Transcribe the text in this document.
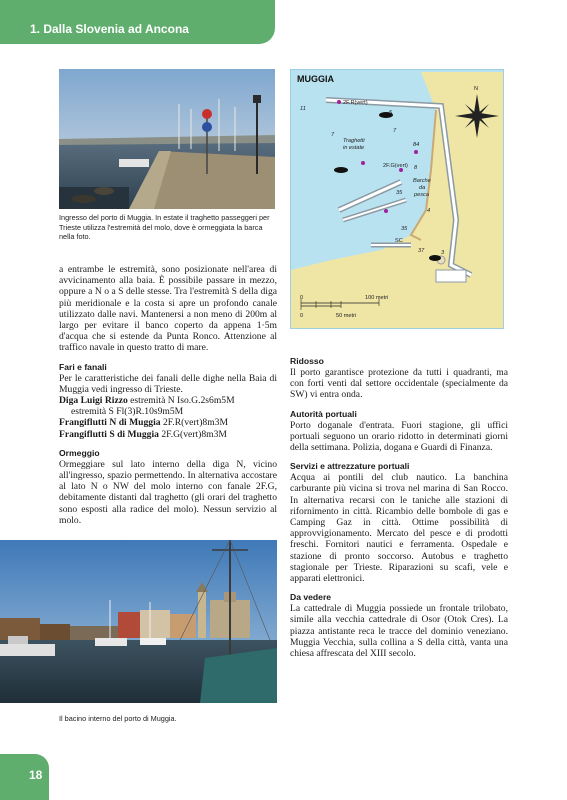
1. Dalla Slovenia ad Ancona
Ingresso del porto di Muggia. In estate il traghetto passeggeri per Trieste utilizza l'estremità del molo, dove è ormeggiata la barca nella foto.
MUGGIA
N
2F.R(vert)
11
5
7
7
Traghetti
in estate	84
2F.G(vert) 8
Barche
da
pesca
35
4
35
SC
37	3
0	100 metri
0	50 metri

a entrambe le estremità, sono posizionate nell'area di avvicinamento alla baia. È possibile passare in mezzo, oppure a N o a S delle stesse. Tra l'estremità S della diga più meridionale e la costa si apre un profondo canale utilizzato dalle navi. Mantenersi a non meno di 200m al largo per evitare il banco coperto da appena 1·5m d'acqua che si estende da Punta Ronco. Attenzione al traffico navale in questo tratto di mare.

Fari e fanali

Per le caratteristiche dei fanali delle dighe nella Baia di Muggia vedi ingresso di Trieste.

Diga Luigi Rizzo estremità N Iso.G.2s6m5M

estremità S Fl(3)R.10s9m5M

Frangiflutti N di Muggia 2F.R(vert)8m3M

Frangiflutti S di Muggia 2F.G(vert)8m3M

Ormeggio

Ormeggiare sul lato interno della diga N, vicino all'ingresso, spazio permettendo. In alternativa accostare al lato N o NW del molo interno con fanale 2F.G, debitamente distanti dal traghetto (gli orari del traghetto sono esposti alla radice del molo). Nessun servizio al molo.

Ridosso

Il porto garantisce protezione da tutti i quadranti, ma con forti venti dal settore occidentale (specialmente da SW) vi entra onda.

Autorità portuali

Porto doganale d'entrata. Fuori stagione, gli uffici portuali seguono un orario ridotto in determinati giorni della settimana. Polizia, dogana e Guardi di Finanza.

Servizi e attrezzature portuali

Acqua ai pontili del club nautico. La banchina carburante più vicina si trova nel marina di San Rocco. In alternativa recarsi con le taniche alle stazioni di rifornimento in città. Ricambio delle bombole di gas e Camping Gaz in città. Ottime possibilità di approvvigionamento. Mercato del pesce e di prodotti freschi. Fornitori nautici e ferramenta. Ospedale e stazione di pronto soccorso. Autobus e traghetto stagionale per Trieste. Riparazioni su scafi, vele e apparati elettronici.

Da vedere

La cattedrale di Muggia possiede un frontale trilobato, simile alla vecchia cattedrale di Osor (Otok Cres). La piazza antistante reca le tracce del dominio veneziano. Muggia Vecchia, sulla collina a S della città, vanta una chiesa affrescata del XIII secolo.

Il bacino interno del porto di Muggia.
18
